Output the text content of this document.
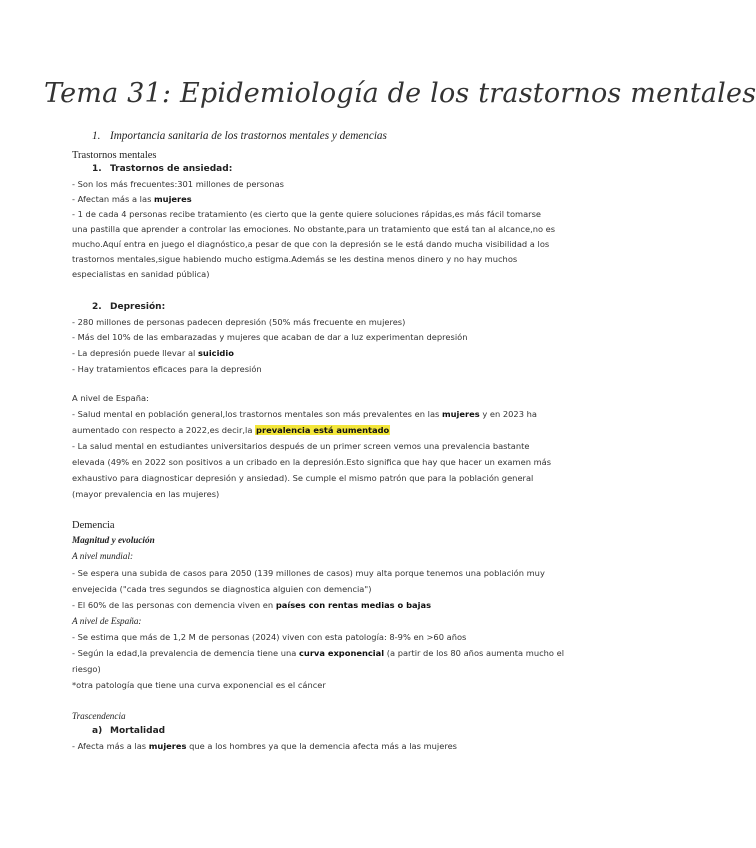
Tema 31: Epidemiología de los trastornos mentales
1. Importancia sanitaria de los trastornos mentales y demencias
Trastornos mentales
1. Trastornos de ansiedad:
- Son los más frecuentes:301 millones de personas
- Afectan más a las mujeres
- 1 de cada 4 personas recibe tratamiento (es cierto que la gente quiere soluciones rápidas,es más fácil tomarse
una pastilla que aprender a controlar las emociones. No obstante,para un tratamiento que está tan al alcance,no es
mucho.Aquí entra en juego el diagnóstico,a pesar de que con la depresión se le está dando mucha visibilidad a los
trastornos mentales,sigue habiendo mucho estigma.Además se les destina menos dinero y no hay muchos
especialistas en sanidad pública)
2. Depresión:
- 280 millones de personas padecen depresión (50% más frecuente en mujeres)
- Más del 10% de las embarazadas y mujeres que acaban de dar a luz experimentan depresión
- La depresión puede llevar al suicidio
- Hay tratamientos eficaces para la depresión
A nivel de España:
- Salud mental en población general,los trastornos mentales son más prevalentes en las mujeres y en 2023 ha
aumentado con respecto a 2022,es decir,la prevalencia está aumentado
- La salud mental en estudiantes universitarios después de un primer screen vemos una prevalencia bastante
elevada (49% en 2022 son positivos a un cribado en la depresión.Esto significa que hay que hacer un examen más
exhaustivo para diagnosticar depresión y ansiedad). Se cumple el mismo patrón que para la población general
(mayor prevalencia en las mujeres)
Demencia
Magnitud y evolución
A nivel mundial:
- Se espera una subida de casos para 2050 (139 millones de casos) muy alta porque tenemos una población muy
envejecida ("cada tres segundos se diagnostica alguien con demencia")
- El 60% de las personas con demencia viven en países con rentas medias o bajas
A nivel de España:
- Se estima que más de 1,2 M de personas (2024) viven con esta patología: 8-9% en >60 años
- Según la edad,la prevalencia de demencia tiene una curva exponencial (a partir de los 80 años aumenta mucho el
riesgo)
*otra patología que tiene una curva exponencial es el cáncer
Trascendencia
a) Mortalidad
- Afecta más a las mujeres que a los hombres ya que la demencia afecta más a las mujeres
